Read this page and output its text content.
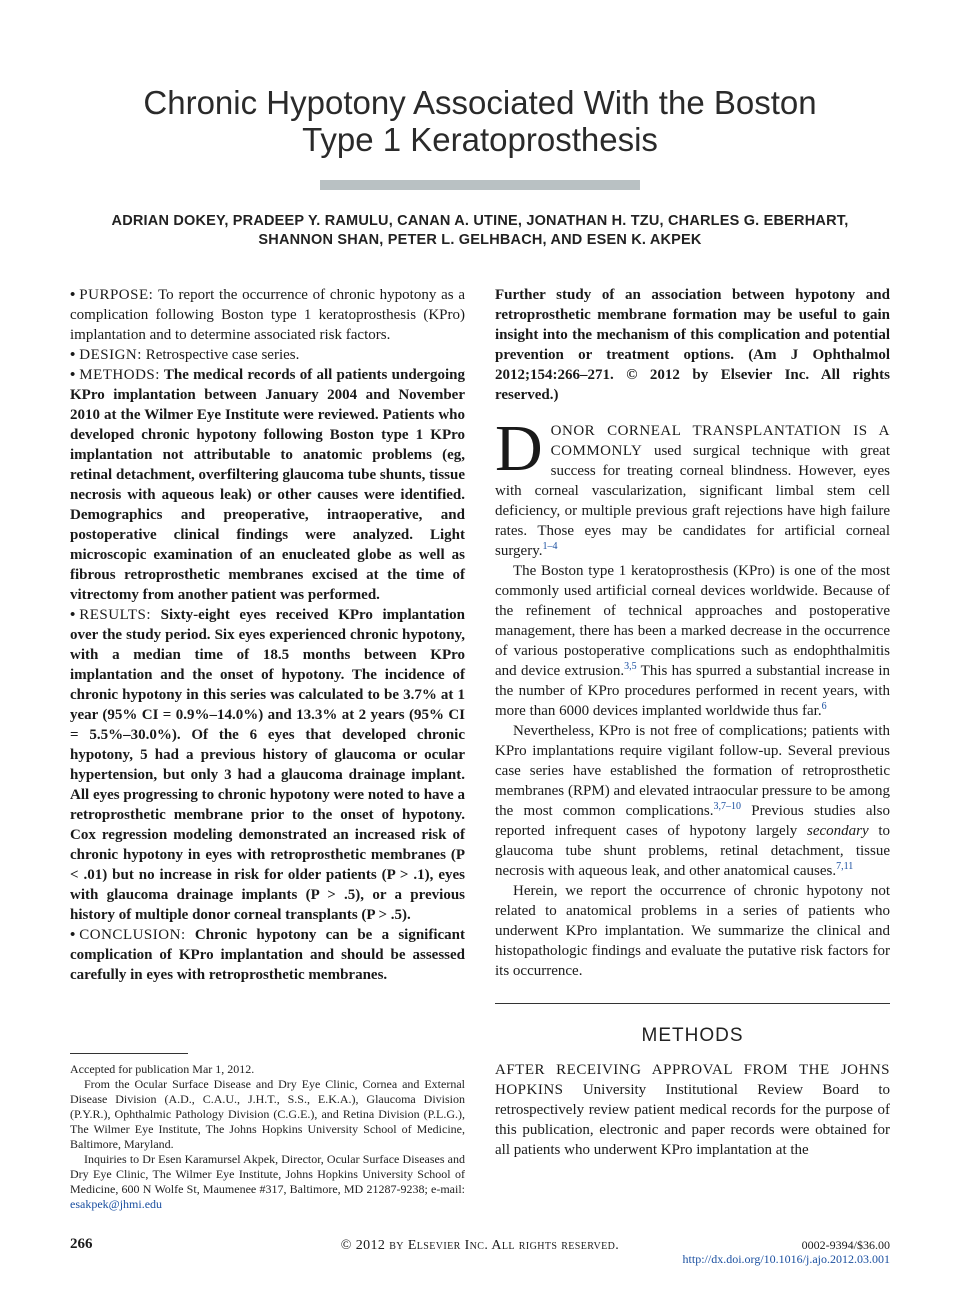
Chronic Hypotony Associated With the Boston
Type 1 Keratoprosthesis
ADRIAN DOKEY, PRADEEP Y. RAMULU, CANAN A. UTINE, JONATHAN H. TZU, CHARLES G. EBERHART,
SHANNON SHAN, PETER L. GELHBACH, AND ESEN K. AKPEK

• PURPOSE: To report the occurrence of chronic hypotony as a complication following Boston type 1 keratoprosthesis (KPro) implantation and to determine associated risk factors.

• DESIGN: Retrospective case series.

• METHODS: The medical records of all patients undergoing KPro implantation between January 2004 and November 2010 at the Wilmer Eye Institute were reviewed. Patients who developed chronic hypotony following Boston type 1 KPro implantation not attributable to anatomic problems (eg, retinal detachment, overfiltering glaucoma tube shunts, tissue necrosis with aqueous leak) or other causes were identified. Demographics and preoperative, intraoperative, and postoperative clinical findings were analyzed. Light microscopic examination of an enucleated globe as well as fibrous retroprosthetic membranes excised at the time of vitrectomy from another patient was performed.

• RESULTS: Sixty-eight eyes received KPro implantation over the study period. Six eyes experienced chronic hypotony, with a median time of 18.5 months between KPro implantation and the onset of hypotony. The incidence of chronic hypotony in this series was calculated to be 3.7% at 1 year (95% CI = 0.9%–14.0%) and 13.3% at 2 years (95% CI = 5.5%–30.0%). Of the 6 eyes that developed chronic hypotony, 5 had a previous history of glaucoma or ocular hypertension, but only 3 had a glaucoma drainage implant. All eyes progressing to chronic hypotony were noted to have a retroprosthetic membrane prior to the onset of hypotony. Cox regression modeling demonstrated an increased risk of chronic hypotony in eyes with retroprosthetic membranes (P < .01) but no increase in risk for older patients (P > .1), eyes with glaucoma drainage implants (P > .5), or a previous history of multiple donor corneal transplants (P > .5).

• CONCLUSION: Chronic hypotony can be a significant complication of KPro implantation and should be assessed carefully in eyes with retroprosthetic membranes.

Accepted for publication Mar 1, 2012.

From the Ocular Surface Disease and Dry Eye Clinic, Cornea and External Disease Division (A.D., C.A.U., J.H.T., S.S., E.K.A.), Glaucoma Division (P.Y.R.), Ophthalmic Pathology Division (C.G.E.), and Retina Division (P.L.G.), The Wilmer Eye Institute, The Johns Hopkins University School of Medicine, Baltimore, Maryland.

Inquiries to Dr Esen Karamursel Akpek, Director, Ocular Surface Diseases and Dry Eye Clinic, The Wilmer Eye Institute, Johns Hopkins University School of Medicine, 600 N Wolfe St, Maumenee #317, Baltimore, MD 21287-9238; e-mail: esakpek@jhmi.edu

Further study of an association between hypotony and retroprosthetic membrane formation may be useful to gain insight into the mechanism of this complication and potential prevention or treatment options. (Am J Ophthalmol 2012;154:266–271. © 2012 by Elsevier Inc. All rights reserved.)

DONOR CORNEAL TRANSPLANTATION IS A COMMONLY used surgical technique with great success for treating corneal blindness. However, eyes with corneal vascularization, significant limbal stem cell deficiency, or multiple previous graft rejections have high failure rates. Those eyes may be candidates for artificial corneal surgery.$^{1-4}$

The Boston type 1 keratoprosthesis (KPro) is one of the most commonly used artificial corneal devices worldwide. Because of the refinement of technical approaches and postoperative management, there has been a marked decrease in the occurrence of various postoperative complications such as endophthalmitis and device extrusion.$^{3,5}$ This has spurred a substantial increase in the number of KPro procedures performed in recent years, with more than 6000 devices implanted worldwide thus far.$^6$

Nevertheless, KPro is not free of complications; patients with KPro implantations require vigilant follow-up. Several previous case series have established the formation of retroprosthetic membranes (RPM) and elevated intraocular pressure to be among the most common complications.$^{3,7-10}$ Previous studies also reported infrequent cases of hypotony largely secondary to glaucoma tube shunt problems, retinal detachment, tissue necrosis with aqueous leak, and other anatomical causes.$^{7,11}$

Herein, we report the occurrence of chronic hypotony not related to anatomical problems in a series of patients who underwent KPro implantation. We summarize the clinical and histopathologic findings and evaluate the putative risk factors for its occurrence.

METHODS

AFTER RECEIVING APPROVAL FROM THE JOHNS HOPKINS University Institutional Review Board to retrospectively review patient medical records for the purpose of this publication, electronic and paper records were obtained for all patients who underwent KPro implantation at the

266	© 2012 by Elsevier Inc. All rights reserved.	0002-9394/$36.00
http://dx.doi.org/10.1016/j.ajo.2012.03.001
